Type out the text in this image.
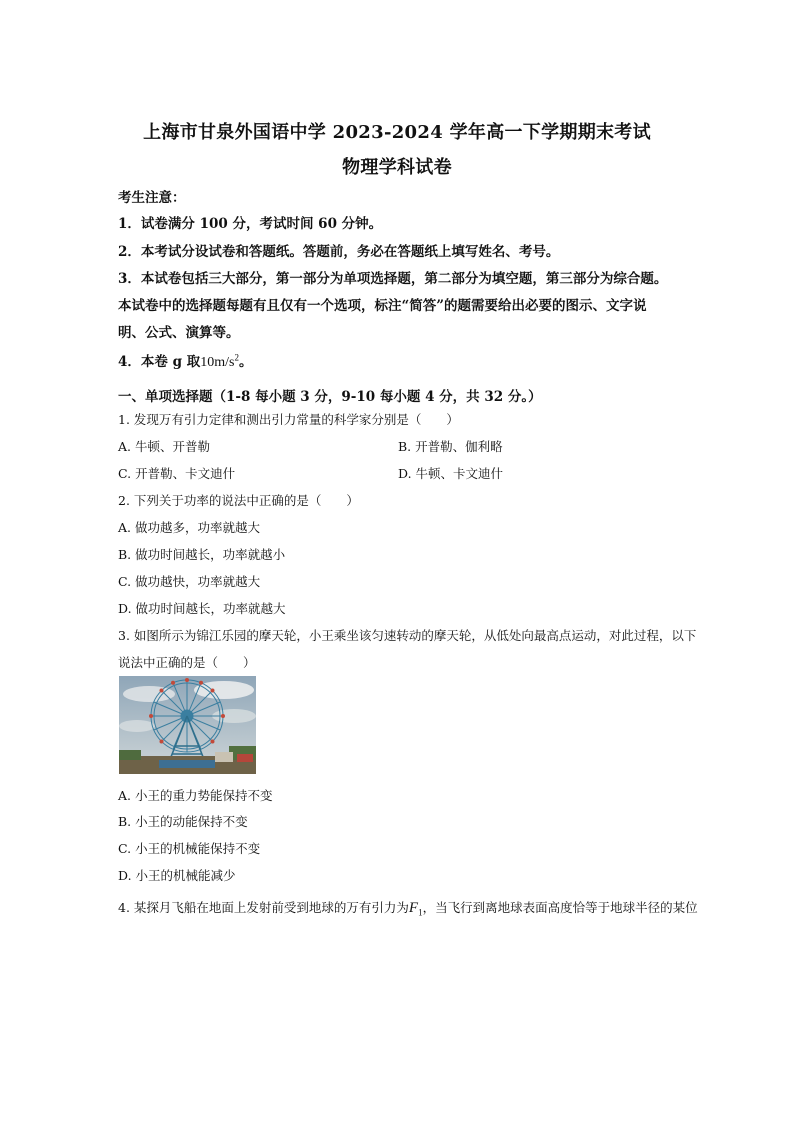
上海市甘泉外国语中学 2023-2024 学年高一下学期期末考试
物理学科试卷
考生注意：
1．试卷满分 100 分，考试时间 60 分钟。
2．本考试分设试卷和答题纸。答题前，务必在答题纸上填写姓名、考号。
3．本试卷包括三大部分，第一部分为单项选择题，第二部分为填空题，第三部分为综合题。
本试卷中的选择题每题有且仅有一个选项，标注“简答”的题需要给出必要的图示、文字说
明、公式、演算等。
4．本卷 g 取$10m/s^2$。
一、单项选择题（1-8 每小题 3 分，9-10 每小题 4 分，共 32 分。）
1. 发现万有引力定律和测出引力常量的科学家分别是（　　）
A. 牛顿、开普勒	B. 开普勒、伽利略
C. 开普勒、卡文迪什	D. 牛顿、卡文迪什
2. 下列关于功率的说法中正确的是（　　）
A. 做功越多，功率就越大
B. 做功时间越长，功率就越小
C. 做功越快，功率就越大
D. 做功时间越长，功率就越大
3. 如图所示为锦江乐园的摩天轮，小王乘坐该匀速转动的摩天轮，从低处向最高点运动，对此过程，以下
说法中正确的是（　　）
A. 小王的重力势能保持不变
B. 小王的动能保持不变
C. 小王的机械能保持不变
D. 小王的机械能减少
4. 某探月飞船在地面上发射前受到地球的万有引力为$F_1$，当飞行到离地球表面高度恰等于地球半径的某位
